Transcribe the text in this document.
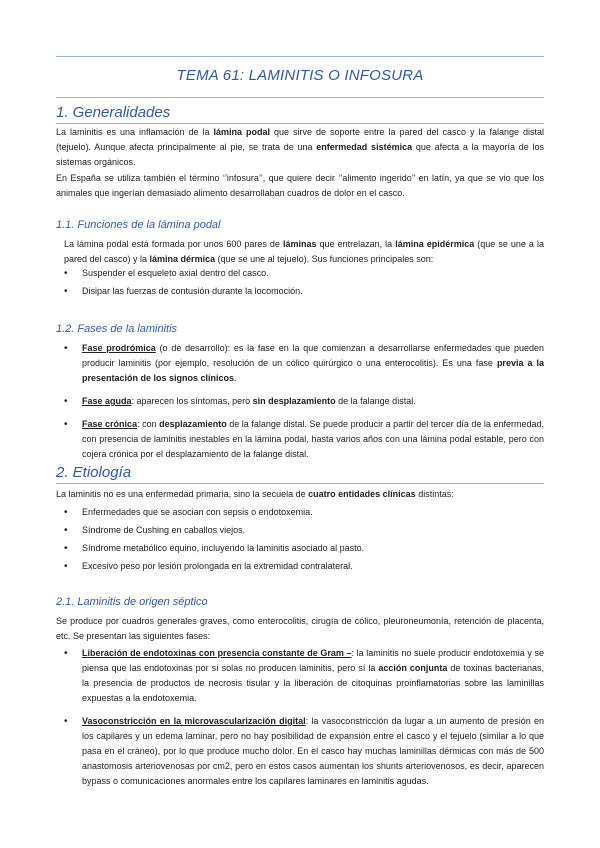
TEMA 61: LAMINITIS O INFOSURA
1. Generalidades

La laminitis es una inflamación de la lámina podal que sirve de soporte entre la pared del casco y la falange distal (tejuelo). Aunque afecta principalmente al pie, se trata de una enfermedad sistémica que afecta a la mayoría de los sistemas orgánicos.

En España se utiliza también el término ‘’infosura’’, que quiere decir ‘’alimento ingerido’’ en latín, ya que se vio que los animales que ingerían demasiado alimento desarrollaban cuadros de dolor en el casco.

1.1. Funciones de la lámina podal

La lámina podal está formada por unos 600 pares de láminas que entrelazan, la lámina epidérmica (que se une a la pared del casco) y la lámina dérmica (que se une al tejuelo). Sus funciones principales son:

• Suspender el esqueleto axial dentro del casco.
• Disipar las fuerzas de contusión durante la locomoción.
1.2. Fases de la laminitis
• Fase prodrómica (o de desarrollo): es la fase en la que comienzan a desarrollarse enfermedades que pueden producir laminitis (por ejemplo, resolución de un cólico quirúrgico o una enterocolitis). Es una fase previa a la presentación de los signos clínicos.
• Fase aguda: aparecen los síntomas, pero sin desplazamiento de la falange distal.
• Fase crónica: con desplazamiento de la falange distal. Se puede producir a partir del tercer día de la enfermedad, con presencia de laminitis inestables en la lámina podal, hasta varios años con una lámina podal estable, pero con cojera crónica por el desplazamiento de la falange distal.
2. Etiología

La laminitis no es una enfermedad primaria, sino la secuela de cuatro entidades clínicas distintas:

• Enfermedades que se asocian con sepsis o endotoxemia.
• Síndrome de Cushing en caballos viejos.
• Síndrome metabólico equino, incluyendo la laminitis asociado al pasto.
• Excesivo peso por lesión prolongada en la extremidad contralateral.
2.1. Laminitis de origen séptico

Se produce por cuadros generales graves, como enterocolitis, cirugía de cólico, pleuroneumonía, retención de placenta, etc. Se presentan las siguientes fases:

• Liberación de endotoxinas con presencia constante de Gram –: la laminitis no suele producir endotoxemia y se piensa que las endotoxinas por sí solas no producen laminitis, pero sí la acción conjunta de toxinas bacterianas, la presencia de productos de necrosis tisular y la liberación de citoquinas proinflamatorias sobre las laminillas expuestas a la endotoxemia.
• Vasoconstricción en la microvascularización digital: la vasoconstricción da lugar a un aumento de presión en los capilares y un edema laminar, pero no hay posibilidad de expansión entre el casco y el tejuelo (similar a lo que pasa en el cráneo), por lo que produce mucho dolor. En el casco hay muchas laminillas dérmicas con más de 500 anastomosis arteriovenosas por cm2, pero en estos casos aumentan los shunts arteriovenosos, es decir, aparecen bypass o comunicaciones anormales entre los capilares laminares en laminitis agudas.
